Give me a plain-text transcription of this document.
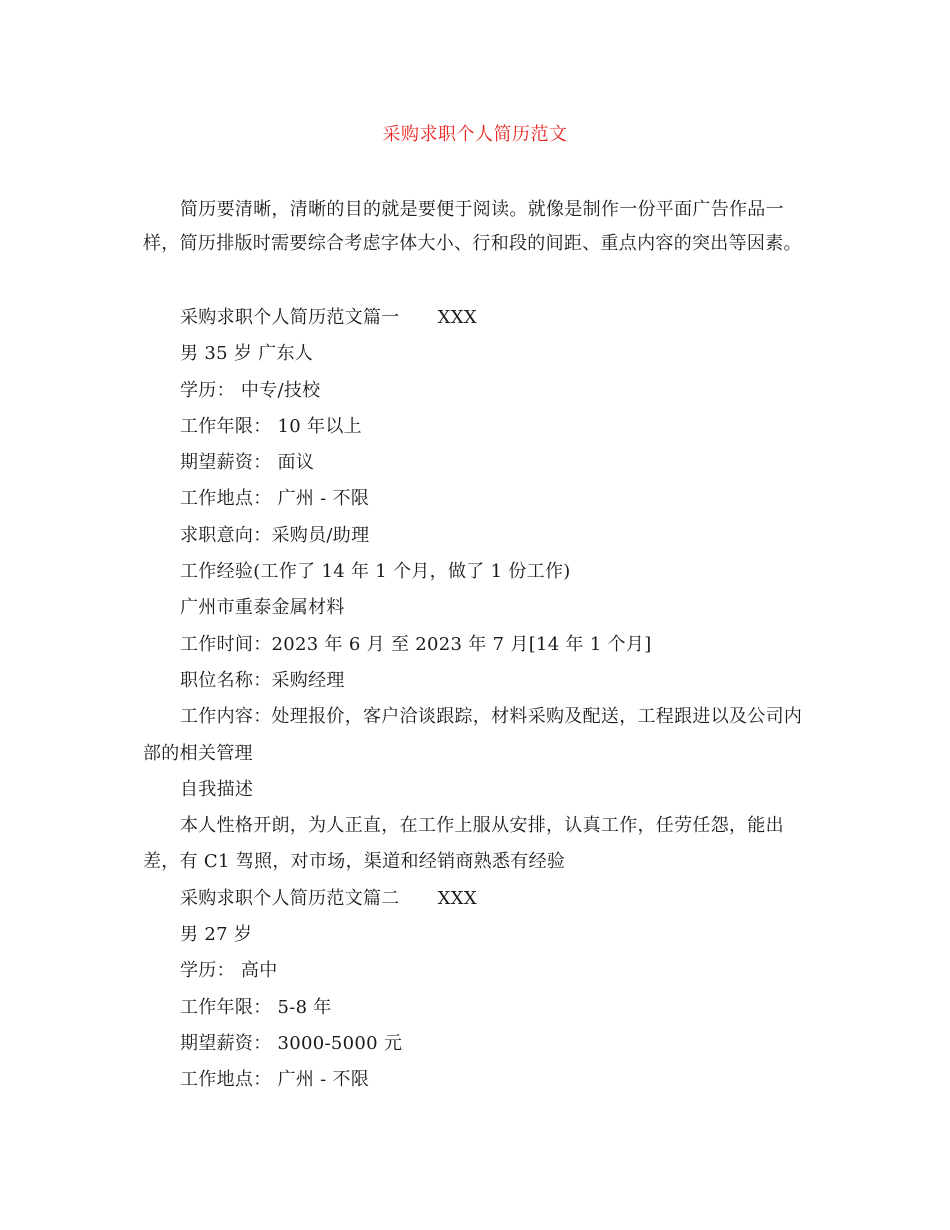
采购求职个人简历范文
简历要清晰，清晰的目的就是要便于阅读。就像是制作一份平面广告作品一样，简历排版时需要综合考虑字体大小、行和段的间距、重点内容的突出等因素。
采购求职个人简历范文篇一 XXX
男 35 岁 广东人
学历： 中专/技校
工作年限： 10 年以上
期望薪资： 面议
工作地点： 广州 - 不限
求职意向：采购员/助理
工作经验(工作了 14 年 1 个月，做了 1 份工作)
广州市重泰金属材料
工作时间：2023 年 6 月 至 2023 年 7 月[14 年 1 个月]
职位名称：采购经理
工作内容：处理报价，客户洽谈跟踪，材料采购及配送，工程跟进以及公司内部的相关管理
自我描述
本人性格开朗，为人正直，在工作上服从安排，认真工作，任劳任怨，能出差，有 C1 驾照，对市场，渠道和经销商熟悉有经验
采购求职个人简历范文篇二 XXX
男 27 岁
学历： 高中
工作年限： 5-8 年
期望薪资： 3000-5000 元
工作地点： 广州 - 不限
